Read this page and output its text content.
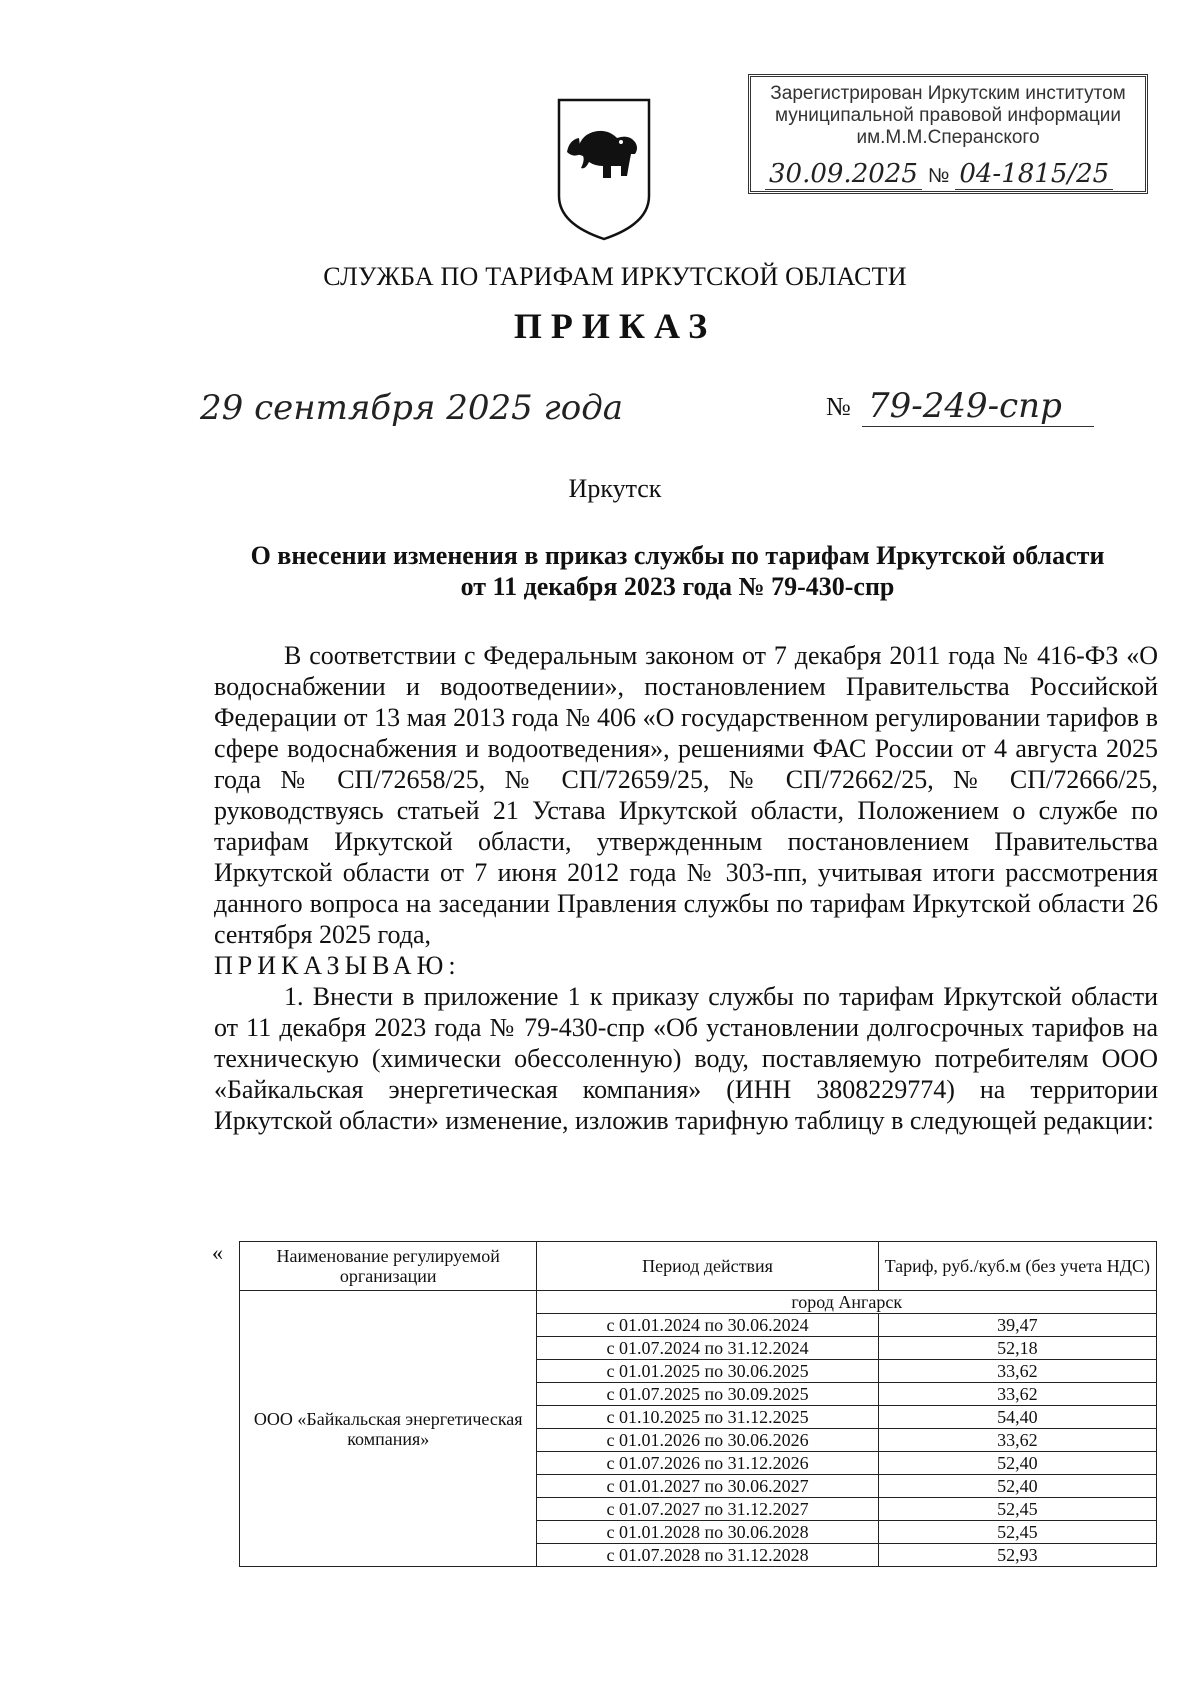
Зарегистрирован Иркутским институтом
муниципальной правовой информации
им.М.М.Сперанского
30.09.2025 № 04-1815/25
СЛУЖБА ПО ТАРИФАМ ИРКУТСКОЙ ОБЛАСТИ
ПРИКАЗ
29 сентября 2025 года	№ 79-249-спр
Иркутск
О внесении изменения в приказ службы по тарифам Иркутской области
от 11 декабря 2023 года № 79-430-спр

В соответствии с Федеральным законом от 7 декабря 2011 года № 416-ФЗ «О водоснабжении и водоотведении», постановлением Правительства Российской Федерации от 13 мая 2013 года № 406 «О государственном регулировании тарифов в сфере водоснабжения и водоотведения», решениями ФАС России от 4 августа 2025 года № СП/72658/25, № СП/72659/25, № СП/72662/25, № СП/72666/25, руководствуясь статьей 21 Устава Иркутской области, Положением о службе по тарифам Иркутской области, утвержденным постановлением Правительства Иркутской области от 7 июня 2012 года № 303-пп, учитывая итоги рассмотрения данного вопроса на заседании Правления службы по тарифам Иркутской области 26 сентября 2025 года,

ПРИКАЗЫВАЮ:

1. Внести в приложение 1 к приказу службы по тарифам Иркутской области от 11 декабря 2023 года № 79-430-спр «Об установлении долгосрочных тарифов на техническую (химически обессоленную) воду, поставляемую потребителям ООО «Байкальская энергетическая компания» (ИНН 3808229774) на территории Иркутской области» изменение, изложив тарифную таблицу в следующей редакции:

«	Наименование регулируемой организации	Период действия	Тариф, руб./куб.м (без учета НДС)
ООО «Байкальская энергетическая компания»	город Ангарск	
	с 01.01.2024 по 30.06.2024	39,47
	с 01.07.2024 по 31.12.2024	52,18
	с 01.01.2025 по 30.06.2025	33,62
	с 01.07.2025 по 30.09.2025	33,62
	с 01.10.2025 по 31.12.2025	54,40
	с 01.01.2026 по 30.06.2026	33,62
	с 01.07.2026 по 31.12.2026	52,40
	с 01.01.2027 по 30.06.2027	52,40
	с 01.07.2027 по 31.12.2027	52,45
	с 01.01.2028 по 30.06.2028	52,45
	с 01.07.2028 по 31.12.2028	52,93
